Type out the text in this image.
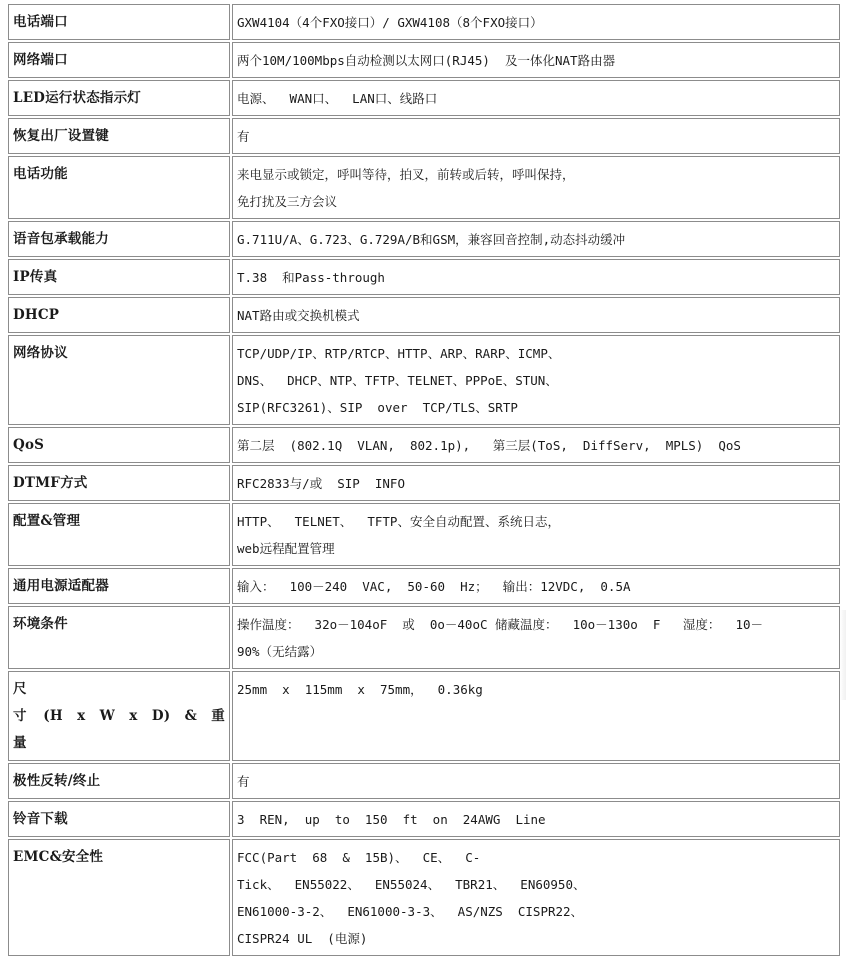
电话端口	GXW4104（4个FXO接口）/ GXW4108（8个FXO接口）

网络端口	两个10M/100Mbps自动检测以太网口(RJ45)  及一体化NAT路由器

LED运行状态指示灯	电源、  WAN口、  LAN口、线路口

恢复出厂设置键	有

电话功能	来电显示或锁定，呼叫等待，拍叉，前转或后转，呼叫保持，
免打扰及三方会议

语音包承载能力	G.711U/A、G.723、G.729A/B和GSM，兼容回音控制,动态抖动缓冲

IP传真	T.38  和Pass-through

DHCP	NAT路由或交换机模式

网络协议	TCP/UDP/IP、RTP/RTCP、HTTP、ARP、RARP、ICMP、
DNS、  DHCP、NTP、TFTP、TELNET、PPPoE、STUN、
SIP(RFC3261)、SIP  over  TCP/TLS、SRTP

QoS	第二层  (802.1Q  VLAN,  802.1p),   第三层(ToS,  DiffServ,  MPLS)  QoS

DTMF方式	RFC2833与/或  SIP  INFO

配置&管理	HTTP、  TELNET、  TFTP、安全自动配置、系统日志，
web远程配置管理

通用电源适配器	输入：  100－240  VAC,  50-60  Hz；  输出：12VDC,  0.5A

环境条件	操作温度：  32o－104oF  或  0o－40oC 储藏温度：  10o－130o  F   湿度：  10－
90%（无结露）

尺
寸  (H  x  W  x  D)  &  重
量	25mm  x  115mm  x  75mm，  0.36kg

极性反转/终止	有

铃音下载	3  REN,  up  to  150  ft  on  24AWG  Line

EMC&安全性	FCC(Part  68  &  15B)、  CE、  C-
Tick、  EN55022、  EN55024、  TBR21、  EN60950、
EN61000-3-2、  EN61000-3-3、  AS/NZS  CISPR22、
CISPR24 UL  (电源)
